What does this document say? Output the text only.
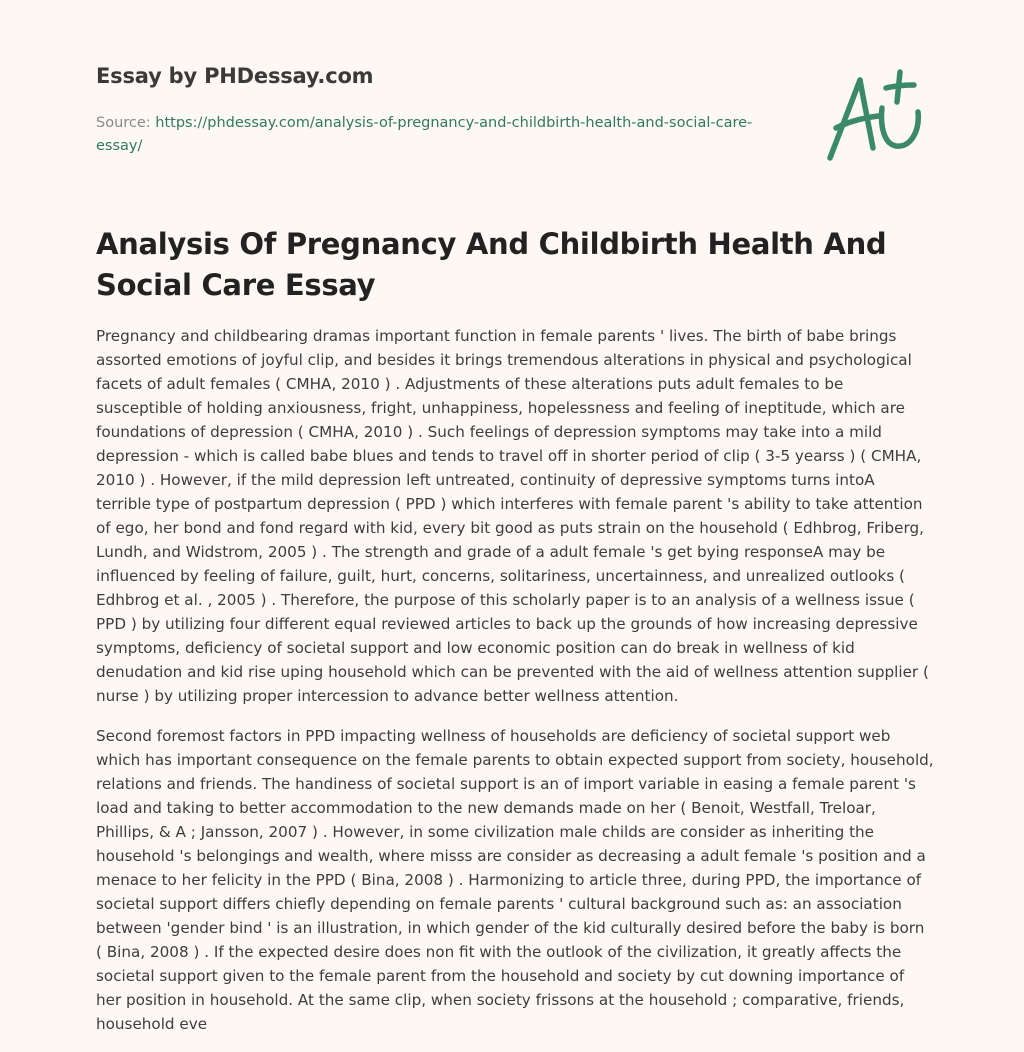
Essay by PHDessay.com
Source: https://phdessay.com/analysis-of-pregnancy-and-childbirth-health-and-social-care-essay/
Analysis Of Pregnancy And Childbirth Health And Social Care Essay

Pregnancy and childbearing dramas important function in female parents ' lives. The birth of babe brings assorted emotions of joyful clip, and besides it brings tremendous alterations in physical and psychological facets of adult females ( CMHA, 2010 ) . Adjustments of these alterations puts adult females to be susceptible of holding anxiousness, fright, unhappiness, hopelessness and feeling of ineptitude, which are foundations of depression ( CMHA, 2010 ) . Such feelings of depression symptoms may take into a mild depression - which is called babe blues and tends to travel off in shorter period of clip ( 3-5 yearss ) ( CMHA, 2010 ) . However, if the mild depression left untreated, continuity of depressive symptoms turns intoA terrible type of postpartum depression ( PPD ) which interferes with female parent 's ability to take attention of ego, her bond and fond regard with kid, every bit good as puts strain on the household ( Edhbrog, Friberg, Lundh, and Widstrom, 2005 ) . The strength and grade of a adult female 's get bying responseA may be influenced by feeling of failure, guilt, hurt, concerns, solitariness, uncertainness, and unrealized outlooks ( Edhbrog et al. , 2005 ) . Therefore, the purpose of this scholarly paper is to an analysis of a wellness issue ( PPD ) by utilizing four different equal reviewed articles to back up the grounds of how increasing depressive symptoms, deficiency of societal support and low economic position can do break in wellness of kid denudation and kid rise uping household which can be prevented with the aid of wellness attention supplier ( nurse ) by utilizing proper intercession to advance better wellness attention.

Second foremost factors in PPD impacting wellness of households are deficiency of societal support web which has important consequence on the female parents to obtain expected support from society, household, relations and friends. The handiness of societal support is an of import variable in easing a female parent 's load and taking to better accommodation to the new demands made on her ( Benoit, Westfall, Treloar, Phillips, & A ; Jansson, 2007 ) . However, in some civilization male childs are consider as inheriting the household 's belongings and wealth, where misss are consider as decreasing a adult female 's position and a menace to her felicity in the PPD ( Bina, 2008 ) . Harmonizing to article three, during PPD, the importance of societal support differs chiefly depending on female parents ' cultural background such as: an association between 'gender bind ' is an illustration, in which gender of the kid culturally desired before the baby is born ( Bina, 2008 ) . If the expected desire does non fit with the outlook of the civilization, it greatly affects the societal support given to the female parent from the household and society by cut downing importance of her position in household. At the same clip, when society frissons at the household ; comparative, friends, household eve
